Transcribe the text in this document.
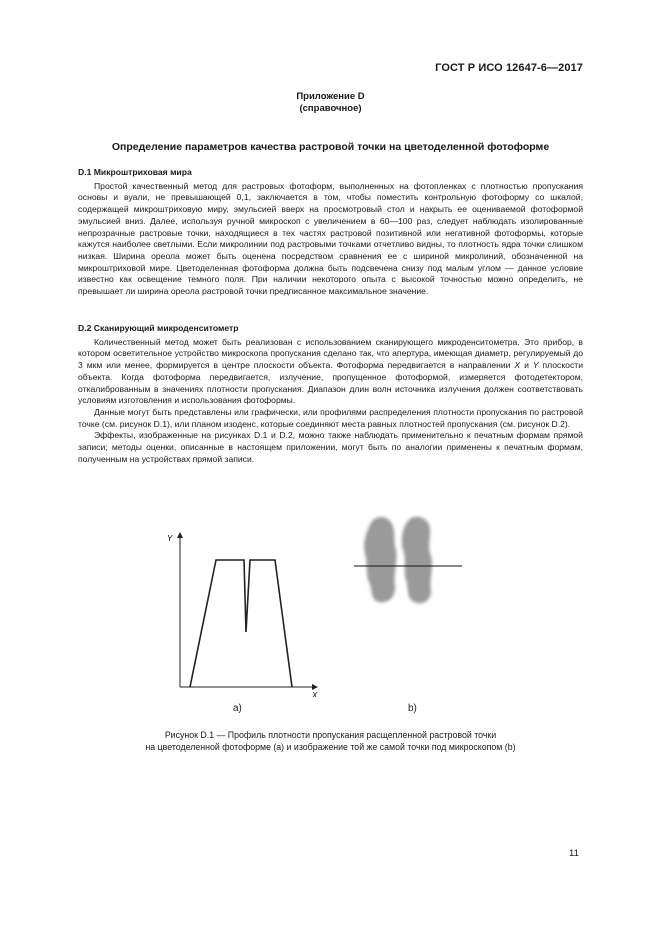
ГОСТ Р ИСО 12647-6—2017
Приложение D
(справочное)
Определение параметров качества растровой точки на цветоделенной фотоформе

D.1 Микроштриховая мира

Простой качественный метод для растровых фотоформ, выполненных на фотопленках с плотностью пропускания основы и вуали, не превышающей 0,1, заключается в том, чтобы поместить контрольную фотоформу со шкалой, содержащей микроштриховую миру, эмульсией вверх на просмотровый стол и накрыть ее оцениваемой фотоформой эмульсией вниз. Далее, используя ручной микроскоп с увеличением в 60—100 раз, следует наблюдать изолированные непрозрачные растровые точки, находящиеся в тех частях растровой позитивной или негативной фотоформы, которые кажутся наиболее светлыми. Если микролинии под растровыми точками отчетливо видны, то плотность ядра точки слишком низкая. Ширина ореола может быть оценена посредством сравнения ее с шириной микролиний, обозначенной на микроштриховой мире. Цветоделенная фотоформа должна быть подсвечена снизу под малым углом — данное условие известно как освещение темного поля. При наличии некоторого опыта с высокой точностью можно определить, не превышает ли ширина ореола растровой точки предписанное максимальное значение.

D.2 Сканирующий микроденситометр

Количественный метод может быть реализован с использованием сканирующего микроденситометра. Это прибор, в котором осветительное устройство микроскопа пропускания сделано так, что апертура, имеющая диаметр, регулируемый до 3 мкм или менее, формируется в центре плоскости объекта. Фотоформа передвигается в направлении X и Y плоскости объекта. Когда фотоформа передвигается, излучение, пропущенное фотоформой, измеряется фотодетектором, откалиброванным в значениях плотности пропускания. Диапазон длин волн источника излучения должен соответствовать условиям изготовления и использования фотоформы.

Данные могут быть представлены или графически, или профилями распределения плотности пропускания по растровой точке (см. рисунок D.1), или планом изоденс, которые соединяют места равных плотностей пропускания (см. рисунок D.2).

Эффекты, изображенные на рисунках D.1 и D.2, можно также наблюдать применительно к печатным формам прямой записи; методы оценки, описанные в настоящем приложении, могут быть по аналогии применены к печатным формам, полученным на устройствах прямой записи.

Y
X
а)	b)
Рисунок D.1 — Профиль плотности пропускания расщепленной растровой точки
на цветоделенной фотоформе (а) и изображение той же самой точки под микроскопом (b)
11
